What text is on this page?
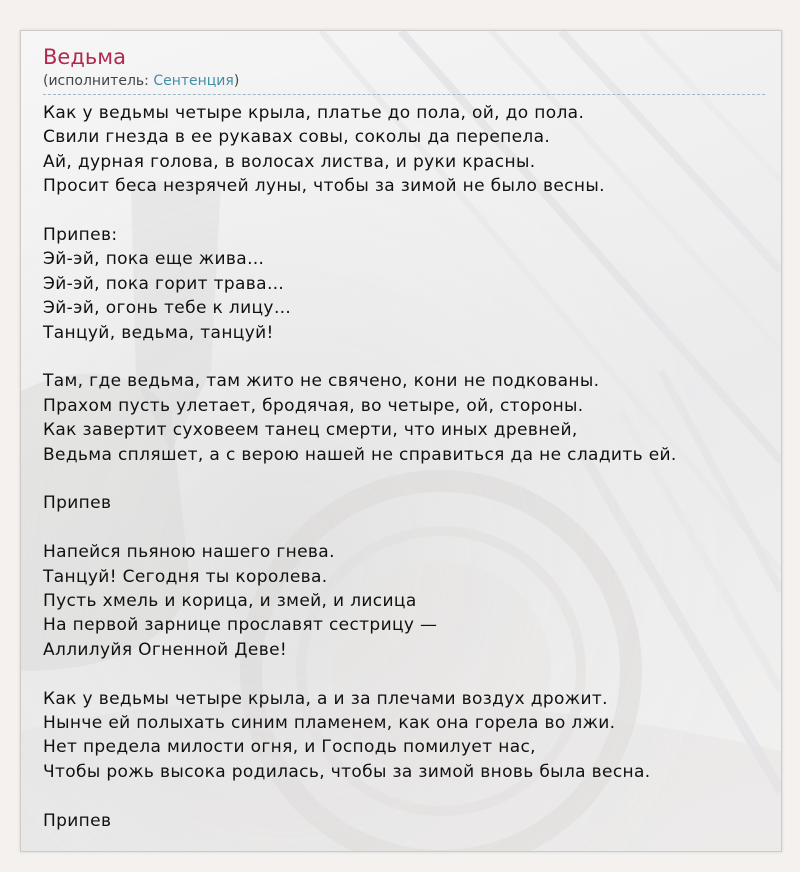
Ведьма
(исполнитель: Сентенция)
Как у ведьмы четыре крыла, платье до пола, ой, до пола.
Свили гнезда в ее рукавах совы, соколы да перепела.
Ай, дурная голова, в волосах листва, и руки красны.
Просит беса незрячей луны, чтобы за зимой не было весны.
Припев:
Эй-эй, пока еще жива…
Эй-эй, пока горит трава…
Эй-эй, огонь тебе к лицу…
Танцуй, ведьма, танцуй!
Там, где ведьма, там жито не свячено, кони не подкованы.
Прахом пусть улетает, бродячая, во четыре, ой, стороны.
Как завертит суховеем танец смерти, что иных древней,
Ведьма спляшет, а с верою нашей не справиться да не сладить ей.
Припев
Напейся пьяною нашего гнева.
Танцуй! Сегодня ты королева.
Пусть хмель и корица, и змей, и лисица
На первой зарнице прославят сестрицу —
Аллилуйя Огненной Деве!
Как у ведьмы четыре крыла, а и за плечами воздух дрожит.
Нынче ей полыхать синим пламенем, как она горела во лжи.
Нет предела милости огня, и Господь помилует нас,
Чтобы рожь высока родилась, чтобы за зимой вновь была весна.
Припев
